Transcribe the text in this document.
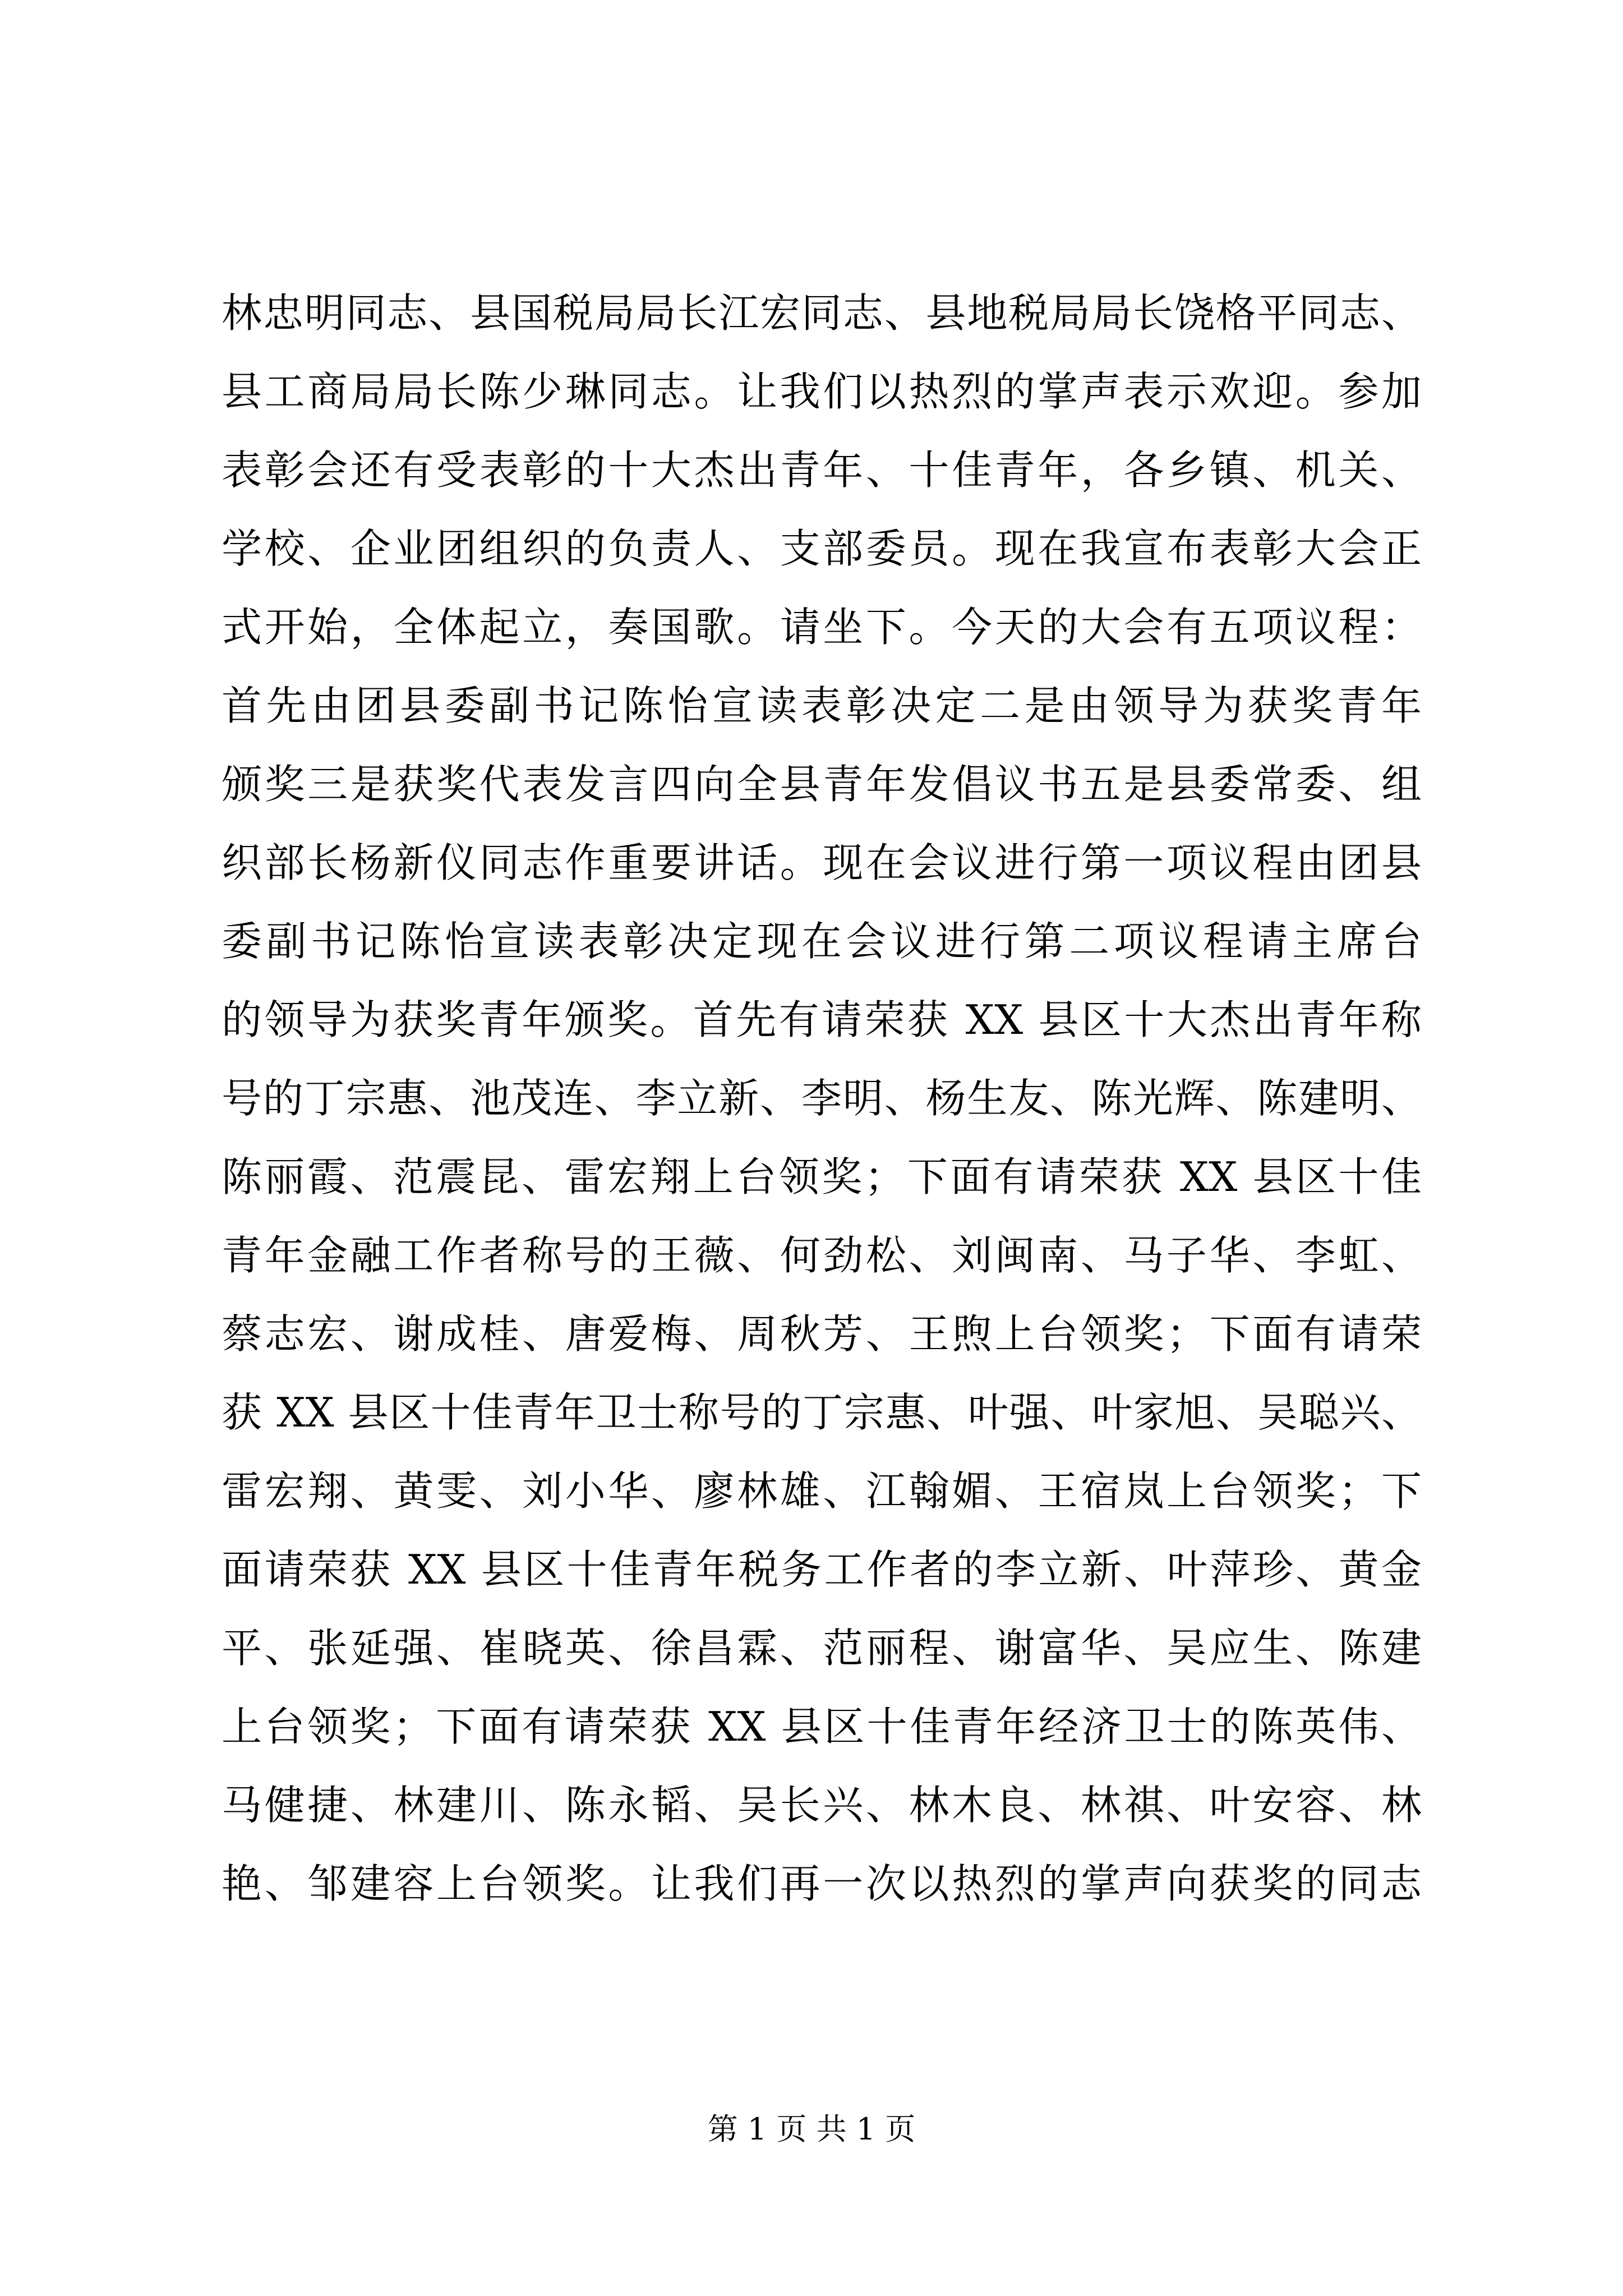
林忠明同志、县国税局局长江宏同志、县地税局局长饶格平同志、
县工商局局长陈少琳同志。让我们以热烈的掌声表示欢迎。参加
表彰会还有受表彰的十大杰出青年、十佳青年，各乡镇、机关、
学校、企业团组织的负责人、支部委员。现在我宣布表彰大会正
式开始，全体起立，奏国歌。请坐下。今天的大会有五项议程：
首先由团县委副书记陈怡宣读表彰决定二是由领导为获奖青年
颁奖三是获奖代表发言四向全县青年发倡议书五是县委常委、组
织部长杨新仪同志作重要讲话。现在会议进行第一项议程由团县
委副书记陈怡宣读表彰决定现在会议进行第二项议程请主席台
的领导为获奖青年颁奖。首先有请荣获 XX 县区十大杰出青年称
号的丁宗惠、池茂连、李立新、李明、杨生友、陈光辉、陈建明、
陈丽霞、范震昆、雷宏翔上台领奖；下面有请荣获 XX 县区十佳
青年金融工作者称号的王薇、何劲松、刘闽南、马子华、李虹、
蔡志宏、谢成桂、唐爱梅、周秋芳、王煦上台领奖；下面有请荣
获 XX 县区十佳青年卫士称号的丁宗惠、叶强、叶家旭、吴聪兴、
雷宏翔、黄雯、刘小华、廖林雄、江翰媚、王宿岚上台领奖；下
面请荣获 XX 县区十佳青年税务工作者的李立新、叶萍珍、黄金
平、张延强、崔晓英、徐昌霖、范丽程、谢富华、吴应生、陈建
上台领奖；下面有请荣获 XX 县区十佳青年经济卫士的陈英伟、
马健捷、林建川、陈永韬、吴长兴、林木良、林祺、叶安容、林
艳、邹建容上台领奖。让我们再一次以热烈的掌声向获奖的同志
第 1 页 共 1 页
